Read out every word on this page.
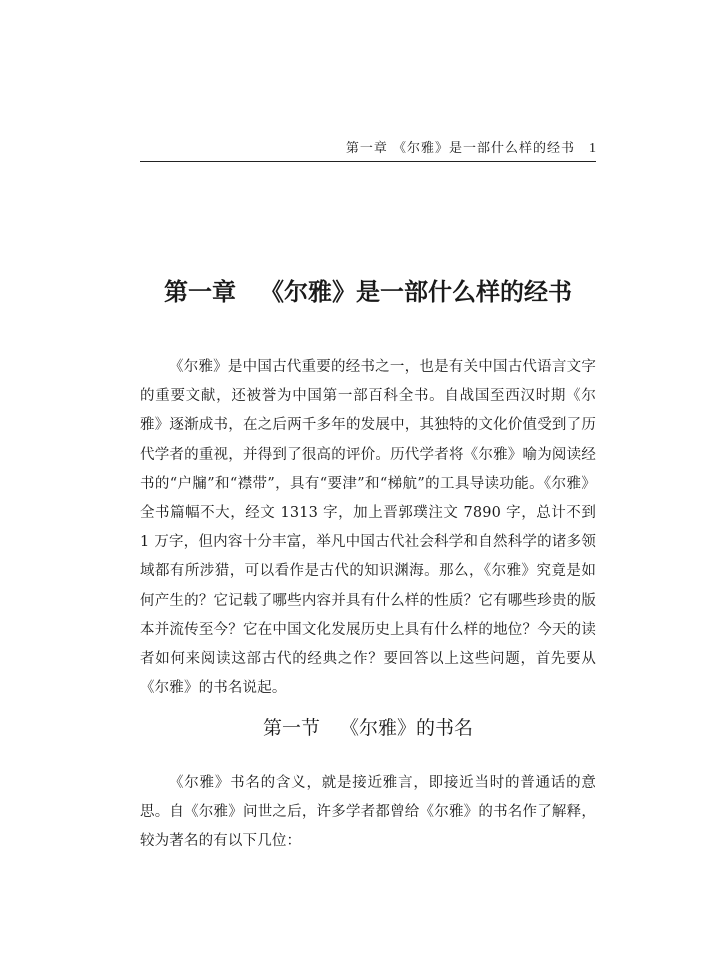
第一章 《尔雅》是一部什么样的经书 1
第一章 《尔雅》是一部什么样的经书

《尔雅》是中国古代重要的经书之一，也是有关中国古代语言文字的重要文献，还被誉为中国第一部百科全书。自战国至西汉时期《尔雅》逐渐成书，在之后两千多年的发展中，其独特的文化价值受到了历代学者的重视，并得到了很高的评价。历代学者将《尔雅》喻为阅读经书的“户牖”和“襟带”，具有“要津”和“梯航”的工具导读功能。《尔雅》全书篇幅不大，经文 1313 字，加上晋郭璞注文 7890 字，总计不到 1 万字，但内容十分丰富，举凡中国古代社会科学和自然科学的诸多领域都有所涉猎，可以看作是古代的知识渊海。那么，《尔雅》究竟是如何产生的？它记载了哪些内容并具有什么样的性质？它有哪些珍贵的版本并流传至今？它在中国文化发展历史上具有什么样的地位？今天的读者如何来阅读这部古代的经典之作？要回答以上这些问题，首先要从《尔雅》的书名说起。

第一节 《尔雅》的书名

《尔雅》书名的含义，就是接近雅言，即接近当时的普通话的意思。自《尔雅》问世之后，许多学者都曾给《尔雅》的书名作了解释，较为著名的有以下几位：
